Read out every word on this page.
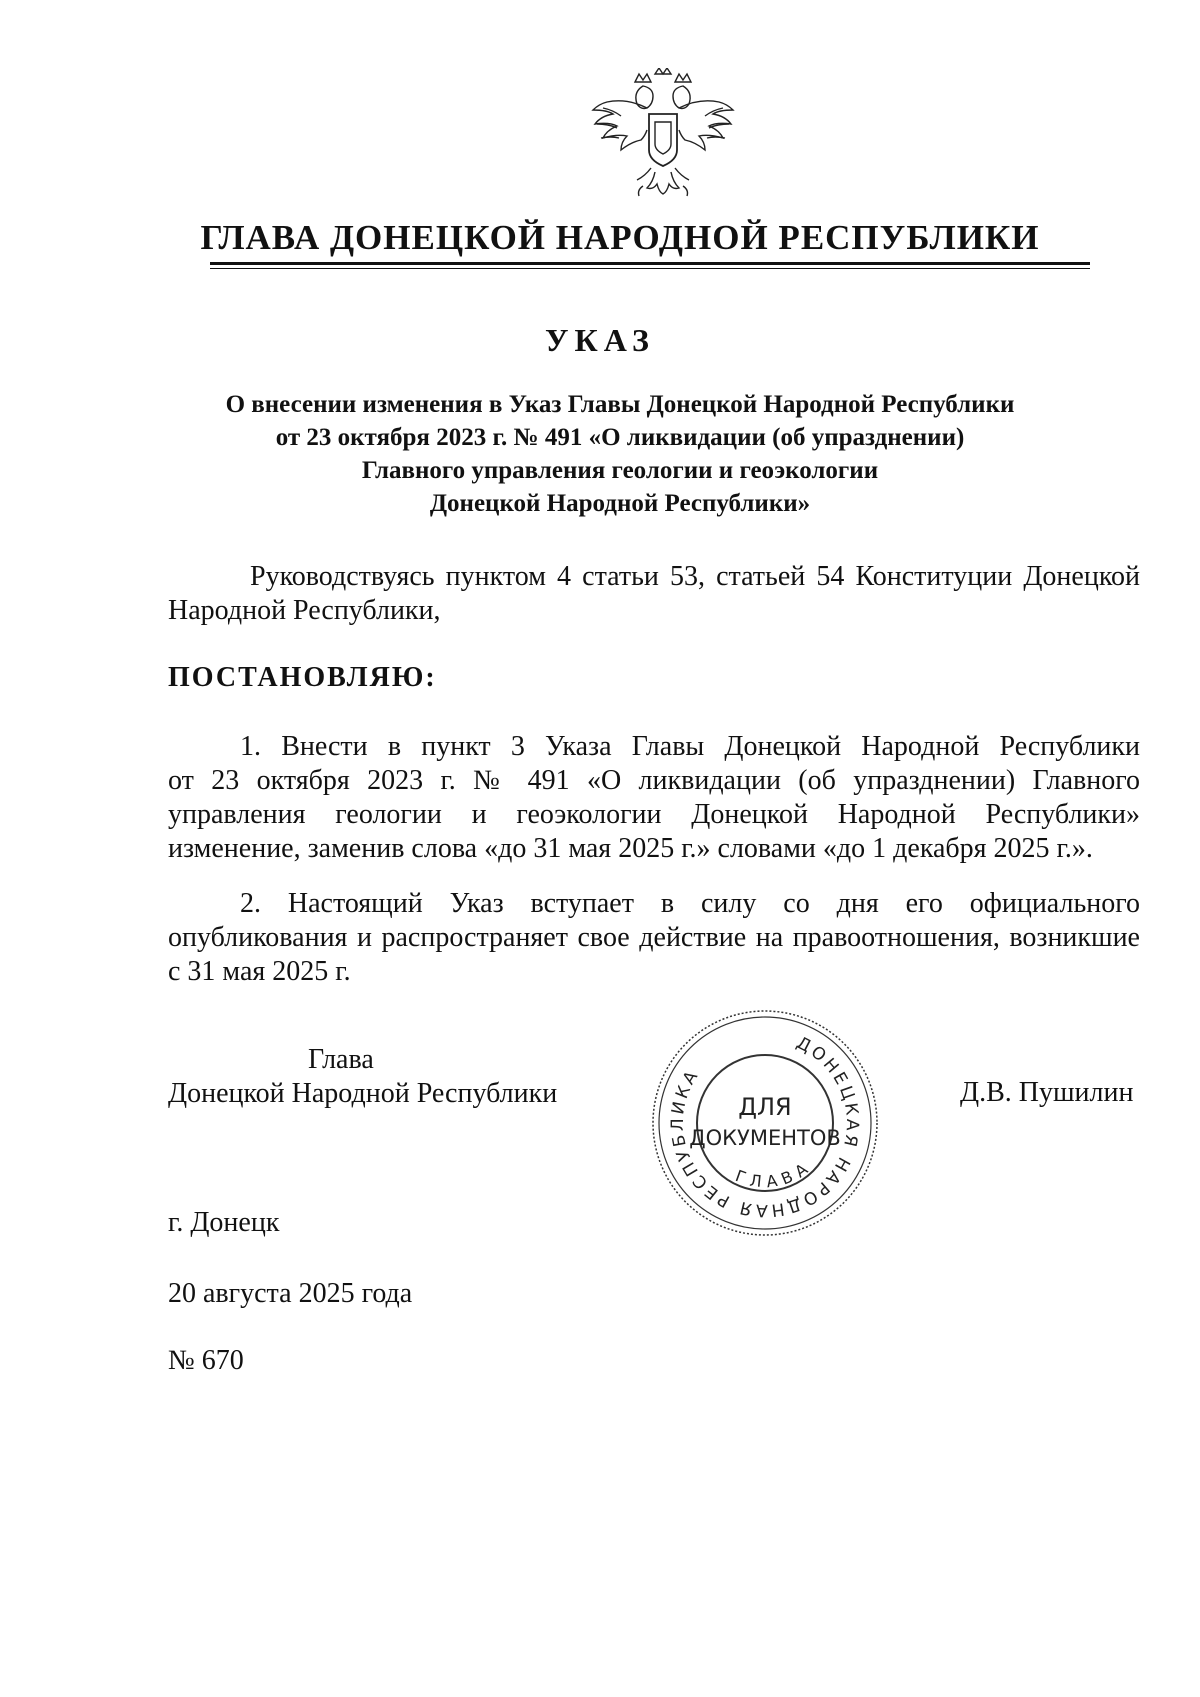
ГЛАВА ДОНЕЦКОЙ НАРОДНОЙ РЕСПУБЛИКИ
УКАЗ
О внесении изменения в Указ Главы Донецкой Народной Республики
от 23 октября 2023 г. № 491 «О ликвидации (об упразднении)
Главного управления геологии и геоэкологии
Донецкой Народной Республики»
Руководствуясь пунктом 4 статьи 53, статьей 54 Конституции Донецкой
Народной Республики,
ПОСТАНОВЛЯЮ:
1. Внести в пункт 3 Указа Главы Донецкой Народной Республики
от 23 октября 2023 г. № 491 «О ликвидации (об упразднении) Главного
управления геологии и геоэкологии Донецкой Народной Республики»
изменение, заменив слова «до 31 мая 2025 г.» словами «до 1 декабря 2025 г.».
2. Настоящий Указ вступает в силу со дня его официального
опубликования и распространяет свое действие на правоотношения, возникшие
с 31 мая 2025 г.
Глава
Донецкой Народной Республики
ДОНЕЦКАЯ НАРОДНАЯ РЕСПУБЛИКА
ГЛАВА
ДЛЯ
ДОКУМЕНТОВ
Д.В. Пушилин
г. Донецк
20 августа 2025 года
№ 670
